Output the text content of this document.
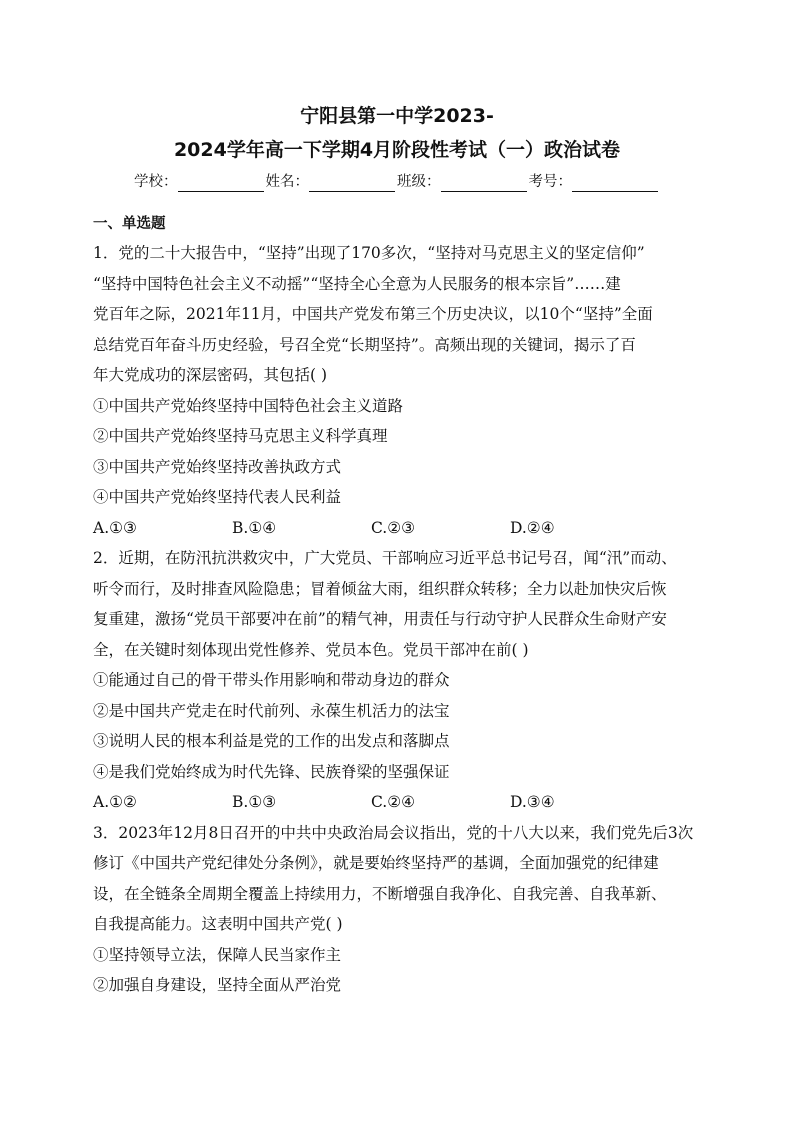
宁阳县第一中学2023-
2024学年高一下学期4月阶段性考试（一）政治试卷
学校：	姓名：	班级：	考号：
一、单选题

1．党的二十大报告中，“坚持”出现了170多次，“坚持对马克思主义的坚定信仰”

“坚持中国特色社会主义不动摇”“坚持全心全意为人民服务的根本宗旨”……建

党百年之际，2021年11月，中国共产党发布第三个历史决议，以10个“坚持”全面

总结党百年奋斗历史经验，号召全党“长期坚持”。高频出现的关键词，揭示了百

年大党成功的深层密码，其包括( )

①中国共产党始终坚持中国特色社会主义道路

②中国共产党始终坚持马克思主义科学真理

③中国共产党始终坚持改善执政方式

④中国共产党始终坚持代表人民利益

A.①③	B.①④	C.②③	D.②④

2．近期，在防汛抗洪救灾中，广大党员、干部响应习近平总书记号召，闻“汛”而动、

听令而行，及时排查风险隐患；冒着倾盆大雨，组织群众转移；全力以赴加快灾后恢

复重建，激扬“党员干部要冲在前”的精气神，用责任与行动守护人民群众生命财产安

全，在关键时刻体现出党性修养、党员本色。党员干部冲在前( )

①能通过自己的骨干带头作用影响和带动身边的群众

②是中国共产党走在时代前列、永葆生机活力的法宝

③说明人民的根本利益是党的工作的出发点和落脚点

④是我们党始终成为时代先锋、民族脊梁的坚强保证

A.①②	B.①③	C.②④	D.③④

3．2023年12月8日召开的中共中央政治局会议指出，党的十八大以来，我们党先后3次

修订《中国共产党纪律处分条例》，就是要始终坚持严的基调，全面加强党的纪律建

设，在全链条全周期全覆盖上持续用力，不断增强自我净化、自我完善、自我革新、

自我提高能力。这表明中国共产党( )

①坚持领导立法，保障人民当家作主

②加强自身建设，坚持全面从严治党
